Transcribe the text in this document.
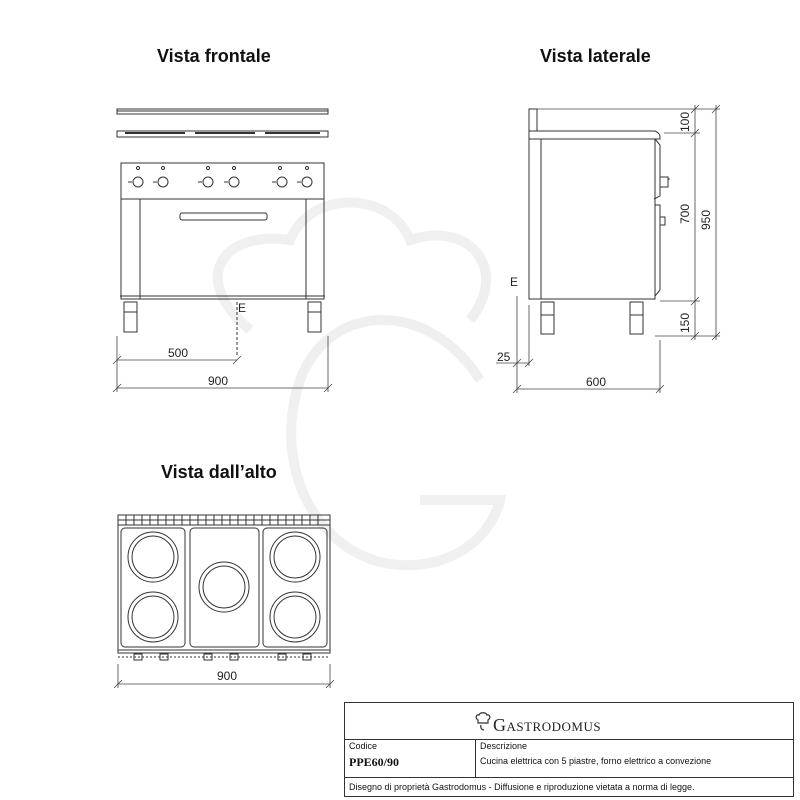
Vista frontale	Vista laterale
Vista dall’alto
E
500
900
E
25
600
100
700
150
950
900
Gastrodomus
Codice
PPE60/90
Descrizione
Cucina elettrica con 5 piastre, forno elettrico a convezione
Disegno di proprietà Gastrodomus - Diffusione e riproduzione vietata a norma di legge.
